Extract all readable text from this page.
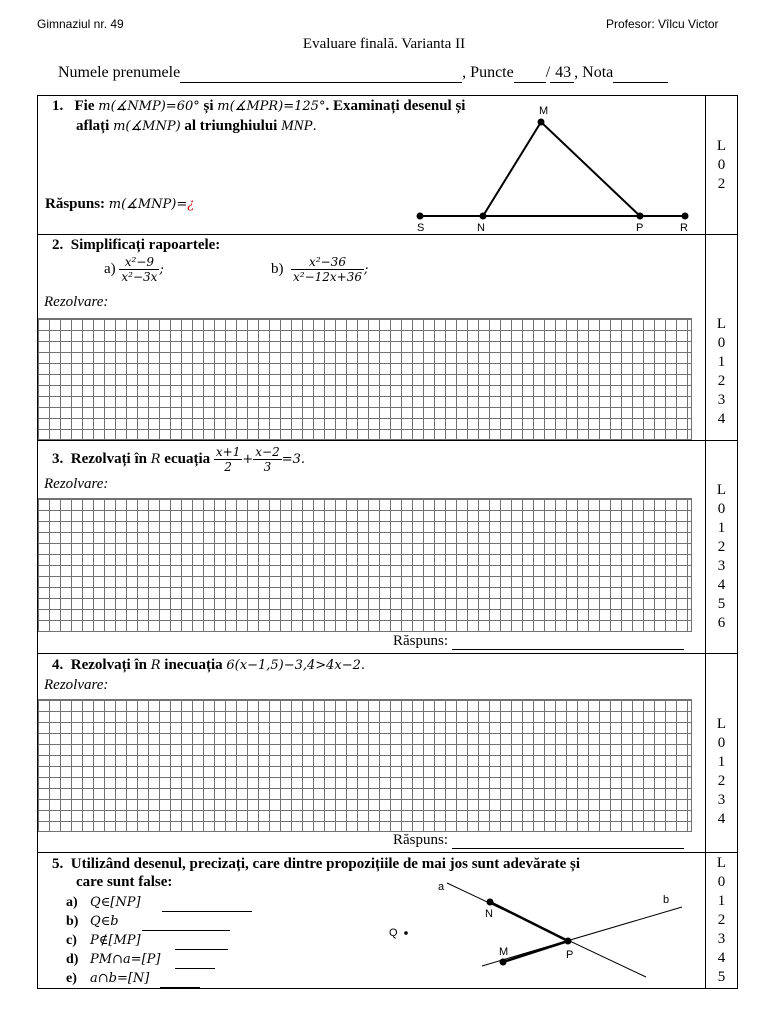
Gimnaziul nr. 49	Profesor: Vîlcu Victor
Evaluare finală. Varianta II
Numele prenumele	, Puncte / 43 , Nota
1. Fie m(∡NMP)=60° și m(∡MPR)=125°. Examinați desenul și
aflați m(∡MNP) al triunghiului MNP.
Răspuns: m(∡MNP)=¿
M
S	N	P	R
L
0
2
2. Simplificați rapoartele:
$a) \frac{\text{x²−9}}{\text{x²−3x}}$ ;	$b) \frac{\text{x²−36}}{\text{x²−12x+36}}$ ;
Rezolvare:
L
0
1
2
3
4
3. Rezolvați în R ecuația $\frac{x+1}{2} + \frac{x-2}{3} =3$.
Rezolvare:
Răspuns:
L
0
1
2
3
4
5
6
4. Rezolvați în R inecuația 6(x−1,5)−3,4>4x−2.
Rezolvare:
Răspuns:
L
0
1
2
3
4
5. Utilizând desenul, precizați, care dintre propozițiile de mai jos sunt adevărate și
care sunt false:
a) Q∈[NP]
b) Q∈b
c) P∉[MP]
d) PM∩a=[P]
e) a∩b=[N]
a
b
N
M	P
Q
L
0
1
2
3
4
5
